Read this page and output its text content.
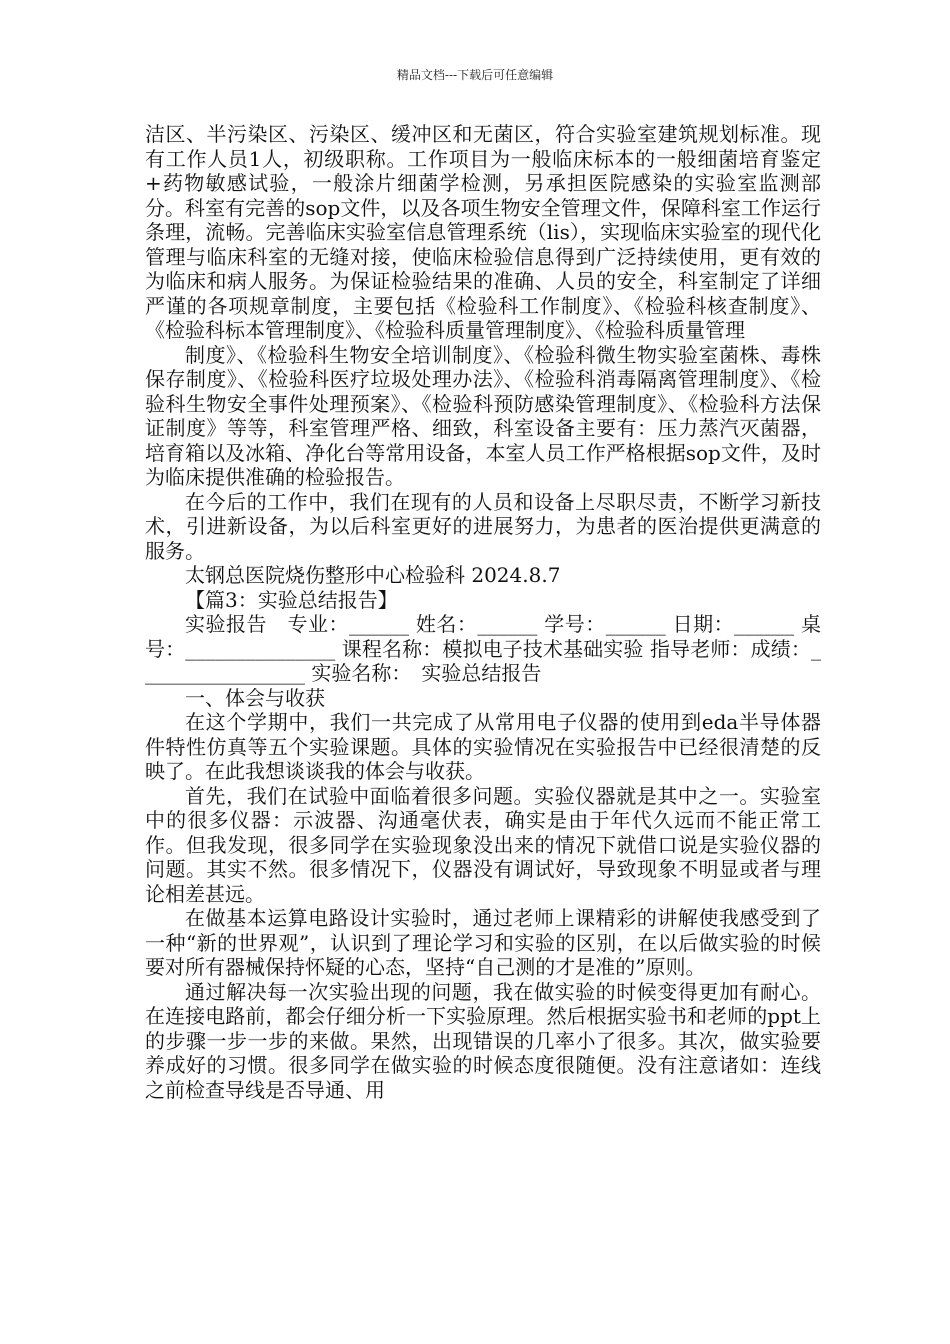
精品文档---下载后可任意编辑

洁区、半污染区、污染区、缓冲区和无菌区，符合实验室建筑规划标准。现有工作人员1人，初级职称。工作项目为一般临床标本的一般细菌培育鉴定+药物敏感试验，一般涂片细菌学检测，另承担医院感染的实验室监测部分。科室有完善的sop文件，以及各项生物安全管理文件，保障科室工作运行条理，流畅。完善临床实验室信息管理系统（lis），实现临床实验室的现代化管理与临床科室的无缝对接，使临床检验信息得到广泛持续使用，更有效的为临床和病人服务。为保证检验结果的准确、人员的安全，科室制定了详细严谨的各项规章制度，主要包括《检验科工作制度》、《检验科核查制度》、《检验科标本管理制度》、《检验科质量管理制度》、《检验科质量管理

制度》、《检验科生物安全培训制度》、《检验科微生物实验室菌株、毒株保存制度》、《检验科医疗垃圾处理办法》、《检验科消毒隔离管理制度》、《检验科生物安全事件处理预案》、《检验科预防感染管理制度》、《检验科方法保证制度》等等，科室管理严格、细致，科室设备主要有：压力蒸汽灭菌器，培育箱以及冰箱、净化台等常用设备，本室人员工作严格根据sop文件，及时为临床提供准确的检验报告。

在今后的工作中，我们在现有的人员和设备上尽职尽责，不断学习新技术，引进新设备，为以后科室更好的进展努力，为患者的医治提供更满意的服务。

太钢总医院烧伤整形中心检验科 2024.8.7

【篇3：实验总结报告】

实验报告　专业：______ 姓名：______ 学号：______ 日期：______ 桌号：_______________ 课程名称：模拟电子技术基础实验 指导老师：成绩：_________________ 实验名称：　实验总结报告

一、体会与收获

在这个学期中，我们一共完成了从常用电子仪器的使用到eda半导体器件特性仿真等五个实验课题。具体的实验情况在实验报告中已经很清楚的反映了。在此我想谈谈我的体会与收获。

首先，我们在试验中面临着很多问题。实验仪器就是其中之一。实验室中的很多仪器：示波器、沟通毫伏表，确实是由于年代久远而不能正常工作。但我发现，很多同学在实验现象没出来的情况下就借口说是实验仪器的问题。其实不然。很多情况下，仪器没有调试好，导致现象不明显或者与理论相差甚远。

在做基本运算电路设计实验时，通过老师上课精彩的讲解使我感受到了一种“新的世界观”，认识到了理论学习和实验的区别，在以后做实验的时候要对所有器械保持怀疑的心态，坚持“自己测的才是准的”原则。

通过解决每一次实验出现的问题，我在做实验的时候变得更加有耐心。在连接电路前，都会仔细分析一下实验原理。然后根据实验书和老师的ppt上的步骤一步一步的来做。果然，出现错误的几率小了很多。其次，做实验要养成好的习惯。很多同学在做实验的时候态度很随便。没有注意诸如：连线之前检查导线是否导通、用
